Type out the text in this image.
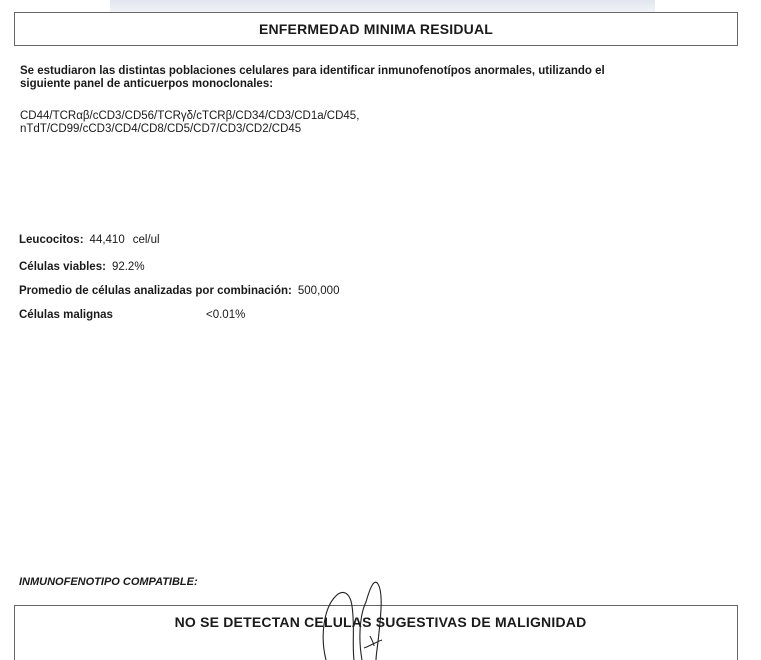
ENFERMEDAD MINIMA RESIDUAL
Se estudiaron las distintas poblaciones celulares para identificar inmunofenotípos anormales, utilizando el
siguiente panel de anticuerpos monoclonales:
CD44/TCRαβ/cCD3/CD56/TCRγδ/cTCRβ/CD34/CD3/CD1a/CD45,
nTdT/CD99/cCD3/CD4/CD8/CD5/CD7/CD3/CD2/CD45
Leucocitos: 44,410 cel/ul
Células viables: 92.2%
Promedio de células analizadas por combinación: 500,000
Células malignas	<0.01%
INMUNOFENOTIPO COMPATIBLE:
NO SE DETECTAN CELULAS SUGESTIVAS DE MALIGNIDAD
